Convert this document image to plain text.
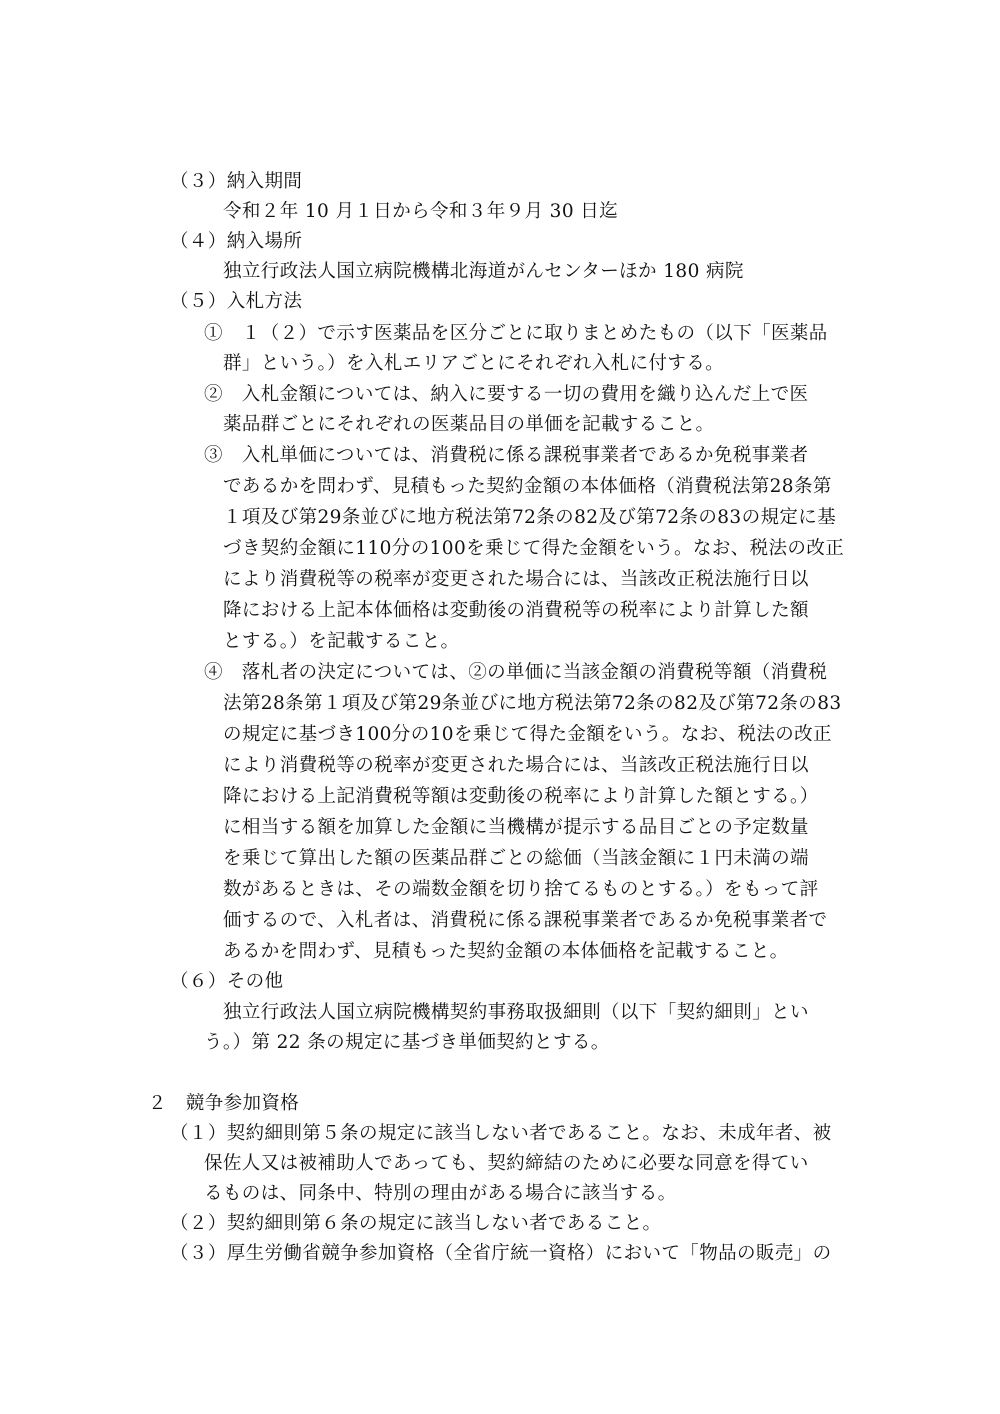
（３）納入期間
令和２年 10 月１日から令和３年９月 30 日迄
（４）納入場所
独立行政法人国立病院機構北海道がんセンターほか 180 病院
（５）入札方法
①　１（２）で示す医薬品を区分ごとに取りまとめたもの（以下「医薬品
群」という。）を入札エリアごとにそれぞれ入札に付する。
②　入札金額については、納入に要する一切の費用を織り込んだ上で医
薬品群ごとにそれぞれの医薬品目の単価を記載すること。
③　入札単価については、消費税に係る課税事業者であるか免税事業者
であるかを問わず、見積もった契約金額の本体価格（消費税法第28条第
１項及び第29条並びに地方税法第72条の82及び第72条の83の規定に基
づき契約金額に110分の100を乗じて得た金額をいう。なお、税法の改正
により消費税等の税率が変更された場合には、当該改正税法施行日以
降における上記本体価格は変動後の消費税等の税率により計算した額
とする。）を記載すること。
④　落札者の決定については、②の単価に当該金額の消費税等額（消費税
法第28条第１項及び第29条並びに地方税法第72条の82及び第72条の83
の規定に基づき100分の10を乗じて得た金額をいう。なお、税法の改正
により消費税等の税率が変更された場合には、当該改正税法施行日以
降における上記消費税等額は変動後の税率により計算した額とする。）
に相当する額を加算した金額に当機構が提示する品目ごとの予定数量
を乗じて算出した額の医薬品群ごとの総価（当該金額に１円未満の端
数があるときは、その端数金額を切り捨てるものとする。）をもって評
価するので、入札者は、消費税に係る課税事業者であるか免税事業者で
あるかを問わず、見積もった契約金額の本体価格を記載すること。
（６）その他
独立行政法人国立病院機構契約事務取扱細則（以下「契約細則」とい
う。）第 22 条の規定に基づき単価契約とする。
２　競争参加資格
（１）契約細則第５条の規定に該当しない者であること。なお、未成年者、被
保佐人又は被補助人であっても、契約締結のために必要な同意を得てい
るものは、同条中、特別の理由がある場合に該当する。
（２）契約細則第６条の規定に該当しない者であること。
（３）厚生労働省競争参加資格（全省庁統一資格）において「物品の販売」の
